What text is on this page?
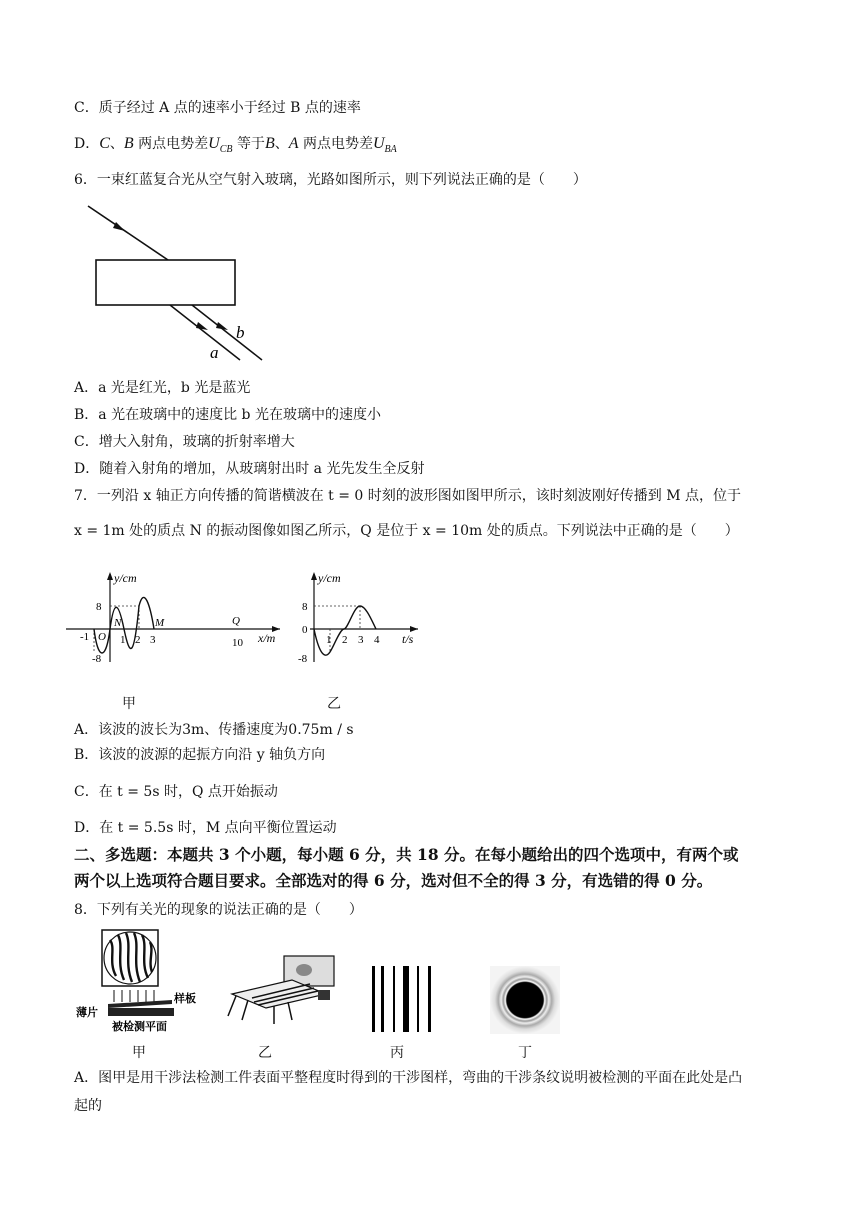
C．质子经过 A 点的速率小于经过 B 点的速率
D．C、B 两点电势差$U_{CB}$ 等于B、A 两点电势差$U_{BA}$
6．一束红蓝复合光从空气射入玻璃，光路如图所示，则下列说法正确的是（　　）
b
a
A．a 光是红光，b 光是蓝光
B．a 光在玻璃中的速度比 b 光在玻璃中的速度小
C．增大入射角，玻璃的折射率增大
D．随着入射角的增加，从玻璃射出时 a 光先发生全反射
7．一列沿 x 轴正方向传播的简谐横波在 t = 0 时刻的波形图如图甲所示，该时刻波刚好传播到 M 点，位于
x = 1m 处的质点 N 的振动图像如图乙所示，Q 是位于 x = 10m 处的质点。下列说法中正确的是（　　）
y/cm
x/m
8
-8
-1 O 1 2 3	10
N	M	Q
甲
y/cm
t/s
8
0
-8
1 2 3 4
乙
A．该波的波长为3m、传播速度为0.75m / s
B．该波的波源的起振方向沿 y 轴负方向
C．在 t = 5s 时，Q 点开始振动
D．在 t = 5.5s 时，M 点向平衡位置运动
二、多选题：本题共 3 个小题，每小题 6 分，共 18 分。在每小题给出的四个选项中，有两个或
两个以上选项符合题目要求。全部选对的得 6 分，选对但不全的得 3 分，有选错的得 0 分。
8．下列有关光的现象的说法正确的是（　　）
薄片
样板
被检测平面
甲	乙	丙	丁
A．图甲是用干涉法检测工件表面平整程度时得到的干涉图样，弯曲的干涉条纹说明被检测的平面在此处是凸
起的
